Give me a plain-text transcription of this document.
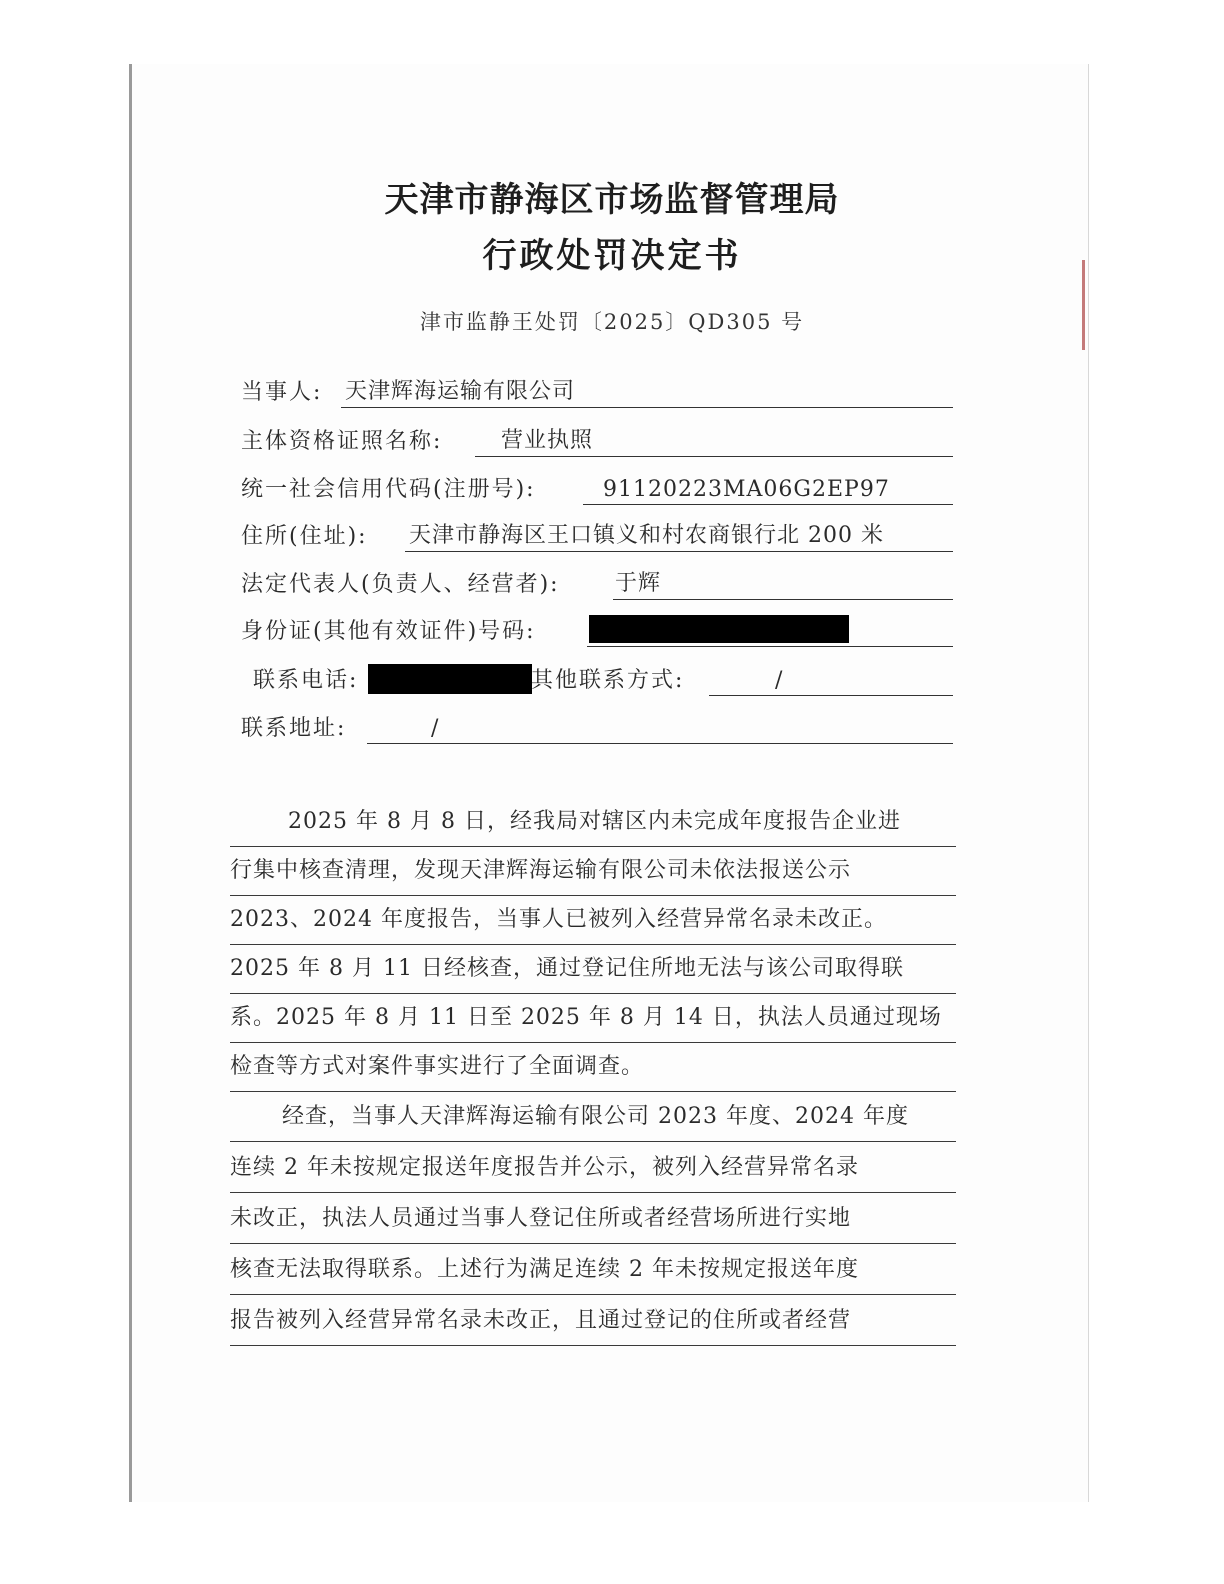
天津市静海区市场监督管理局
行政处罚决定书
津市监静王处罚〔2025〕QD305 号
当事人: 天津辉海运输有限公司
主体资格证照名称:	营业执照
统一社会信用代码(注册号):	91120223MA06G2EP97
住所(住址): 天津市静海区王口镇义和村农商银行北 200 米
法定代表人(负责人、经营者):	于辉
身份证(其他有效证件)号码:
联系电话:	其他联系方式:	/
联系地址:	/
2025 年 8 月 8 日，经我局对辖区内未完成年度报告企业进
行集中核查清理，发现天津辉海运输有限公司未依法报送公示
2023、2024 年度报告，当事人已被列入经营异常名录未改正。
2025 年 8 月 11 日经核查，通过登记住所地无法与该公司取得联
系。2025 年 8 月 11 日至 2025 年 8 月 14 日，执法人员通过现场
检查等方式对案件事实进行了全面调查。
经查，当事人天津辉海运输有限公司 2023 年度、2024 年度
连续 2 年未按规定报送年度报告并公示，被列入经营异常名录
未改正，执法人员通过当事人登记住所或者经营场所进行实地
核查无法取得联系。上述行为满足连续 2 年未按规定报送年度
报告被列入经营异常名录未改正，且通过登记的住所或者经营
